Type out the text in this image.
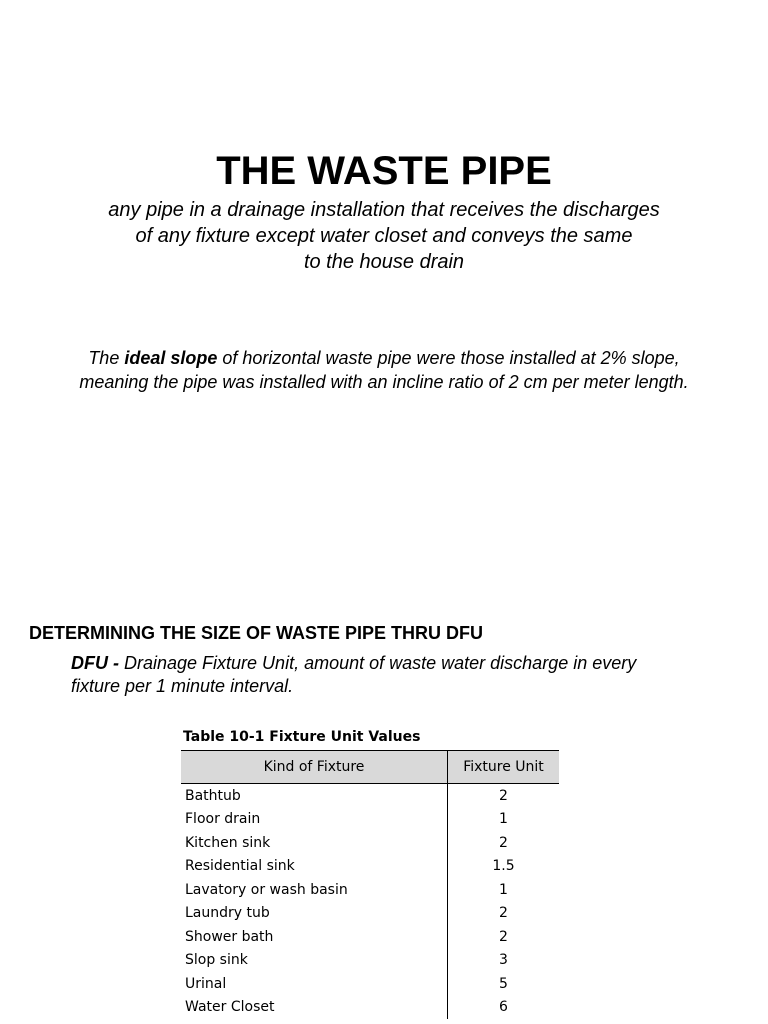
THE WASTE PIPE
any pipe in a drainage installation that receives the discharges
of any fixture except water closet and conveys the same
to the house drain
The ideal slope of horizontal waste pipe were those installed at 2% slope,
meaning the pipe was installed with an incline ratio of 2 cm per meter length.
DETERMINING THE SIZE OF WASTE PIPE THRU DFU
DFU - Drainage Fixture Unit, amount of waste water discharge in every
fixture per 1 minute interval.
Table 10-1 Fixture Unit Values
Kind of Fixture	Fixture Unit
Bathtub	2
Floor drain	1
Kitchen sink	2
Residential sink	1.5
Lavatory or wash basin	1
Laundry tub	2
Shower bath	2
Slop sink	3
Urinal	5
Water Closet	6
